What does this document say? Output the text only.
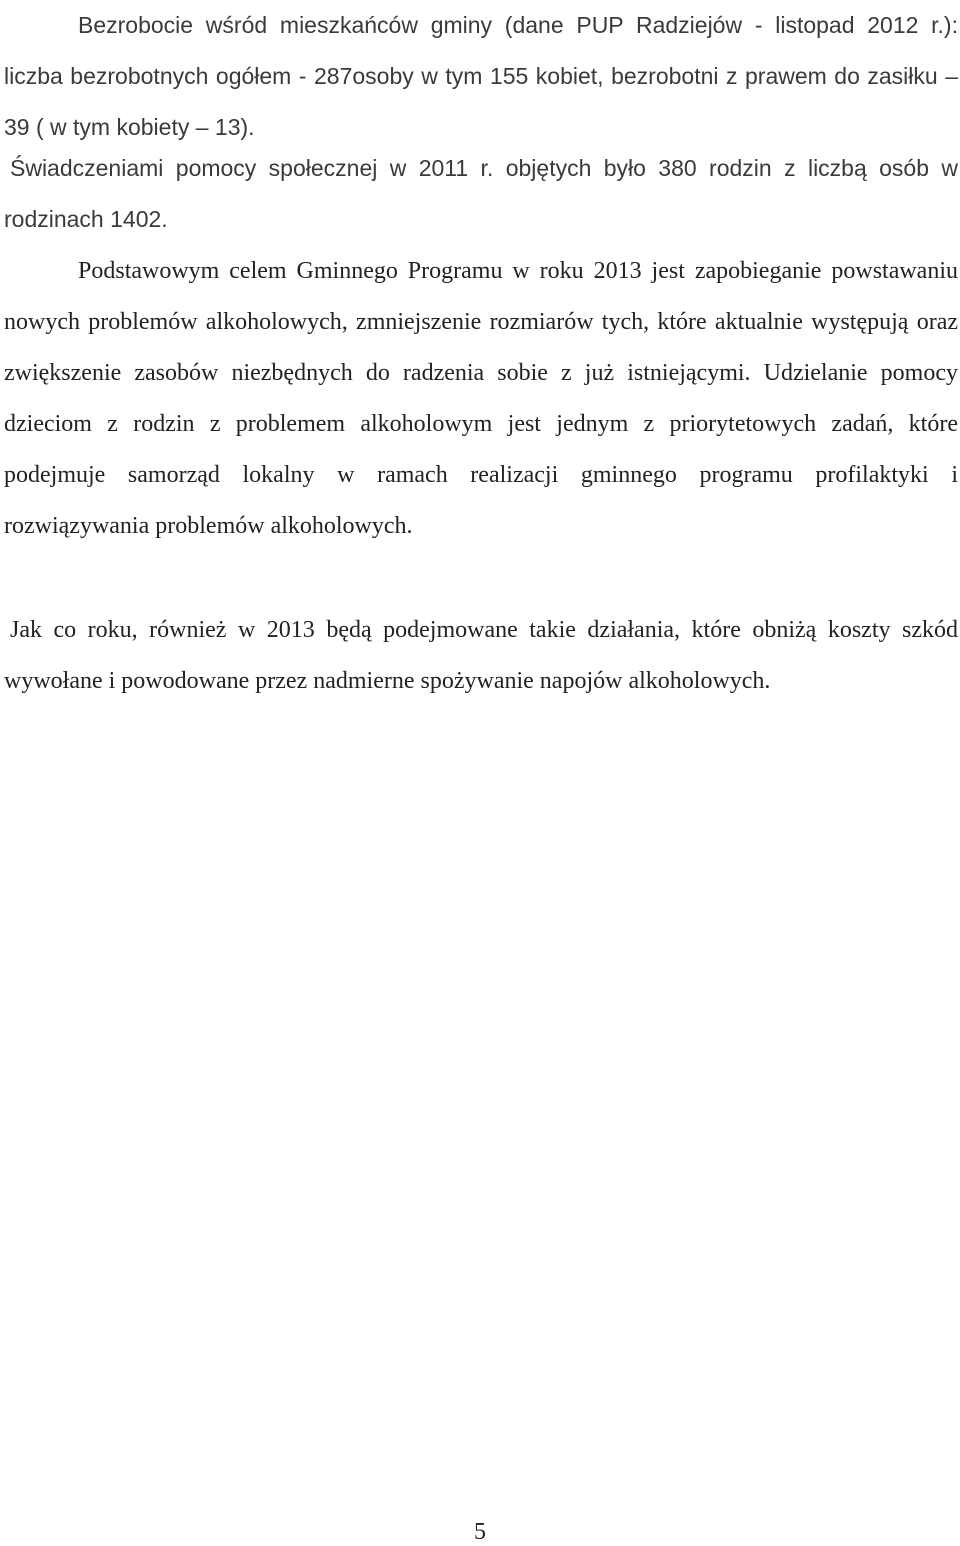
Bezrobocie wśród mieszkańców gminy (dane PUP Radziejów - listopad 2012 r.): liczba bezrobotnych ogółem - 287osoby w tym 155 kobiet, bezrobotni z prawem do zasiłku – 39 ( w tym kobiety – 13).

Świadczeniami pomocy społecznej w 2011 r. objętych było 380 rodzin z liczbą osób w rodzinach 1402.

Podstawowym celem Gminnego Programu w roku 2013 jest zapobieganie powstawaniu nowych problemów alkoholowych, zmniejszenie rozmiarów tych, które aktualnie występują oraz zwiększenie zasobów niezbędnych do radzenia sobie z już istniejącymi. Udzielanie pomocy dzieciom z rodzin z problemem alkoholowym jest jednym z priorytetowych zadań, które podejmuje samorząd lokalny w ramach realizacji gminnego programu profilaktyki i rozwiązywania problemów alkoholowych.

Jak co roku, również w 2013 będą podejmowane takie działania, które obniżą koszty szkód wywołane i powodowane przez nadmierne spożywanie napojów alkoholowych.

5
